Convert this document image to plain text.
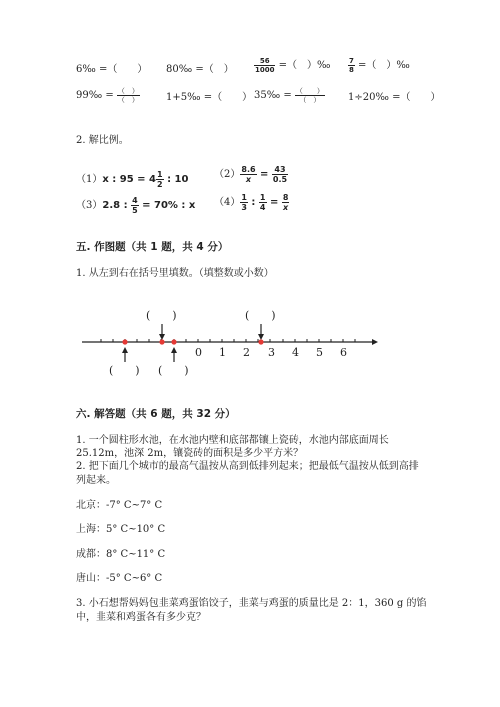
6‰ =（　　） 80‰ =（　）	$\frac{56}{1000}$ =（　）‰	$\frac{7}{8}$ =（　）‰
99‰ = $\frac{( )}{( )}$	1+5‰ =（　　） 35‰ = $\frac{( )}{( )}$ 1÷20‰ =（　　）
2. 解比例。
（1）x : $95 = 4 \frac{1}{2}$ : 10	$(2) \frac{8.6}{x} = \frac{43}{0.5}$
（3）2.8 : $\frac{4}{5} = 70\%$ : x $(4) \frac{1}{3}$ : $\frac{1}{4} = \frac{8}{x}$
五. 作图题（共 1 题，共 4 分）
1. 从左到右在括号里填数。（填整数或小数）
(　　)	(　　)
0 1 2 3 4 5 6
(　　) (　　)
六. 解答题（共 6 题，共 32 分）
1. 一个圆柱形水池，在水池内壁和底部都镶上瓷砖，水池内部底面周长
25.12m，池深 2m，镶瓷砖的面积是多少平方米？
2. 把下面几个城市的最高气温按从高到低排列起来；把最低气温按从低到高排
列起来。
北京：-7° C~7° C
上海：5° C~10° C
成都：8° C~11° C
唐山：-5° C~6° C
3. 小石想帮妈妈包韭菜鸡蛋馅饺子，韭菜与鸡蛋的质量比是 2：1，360 g 的馅
中，韭菜和鸡蛋各有多少克？
